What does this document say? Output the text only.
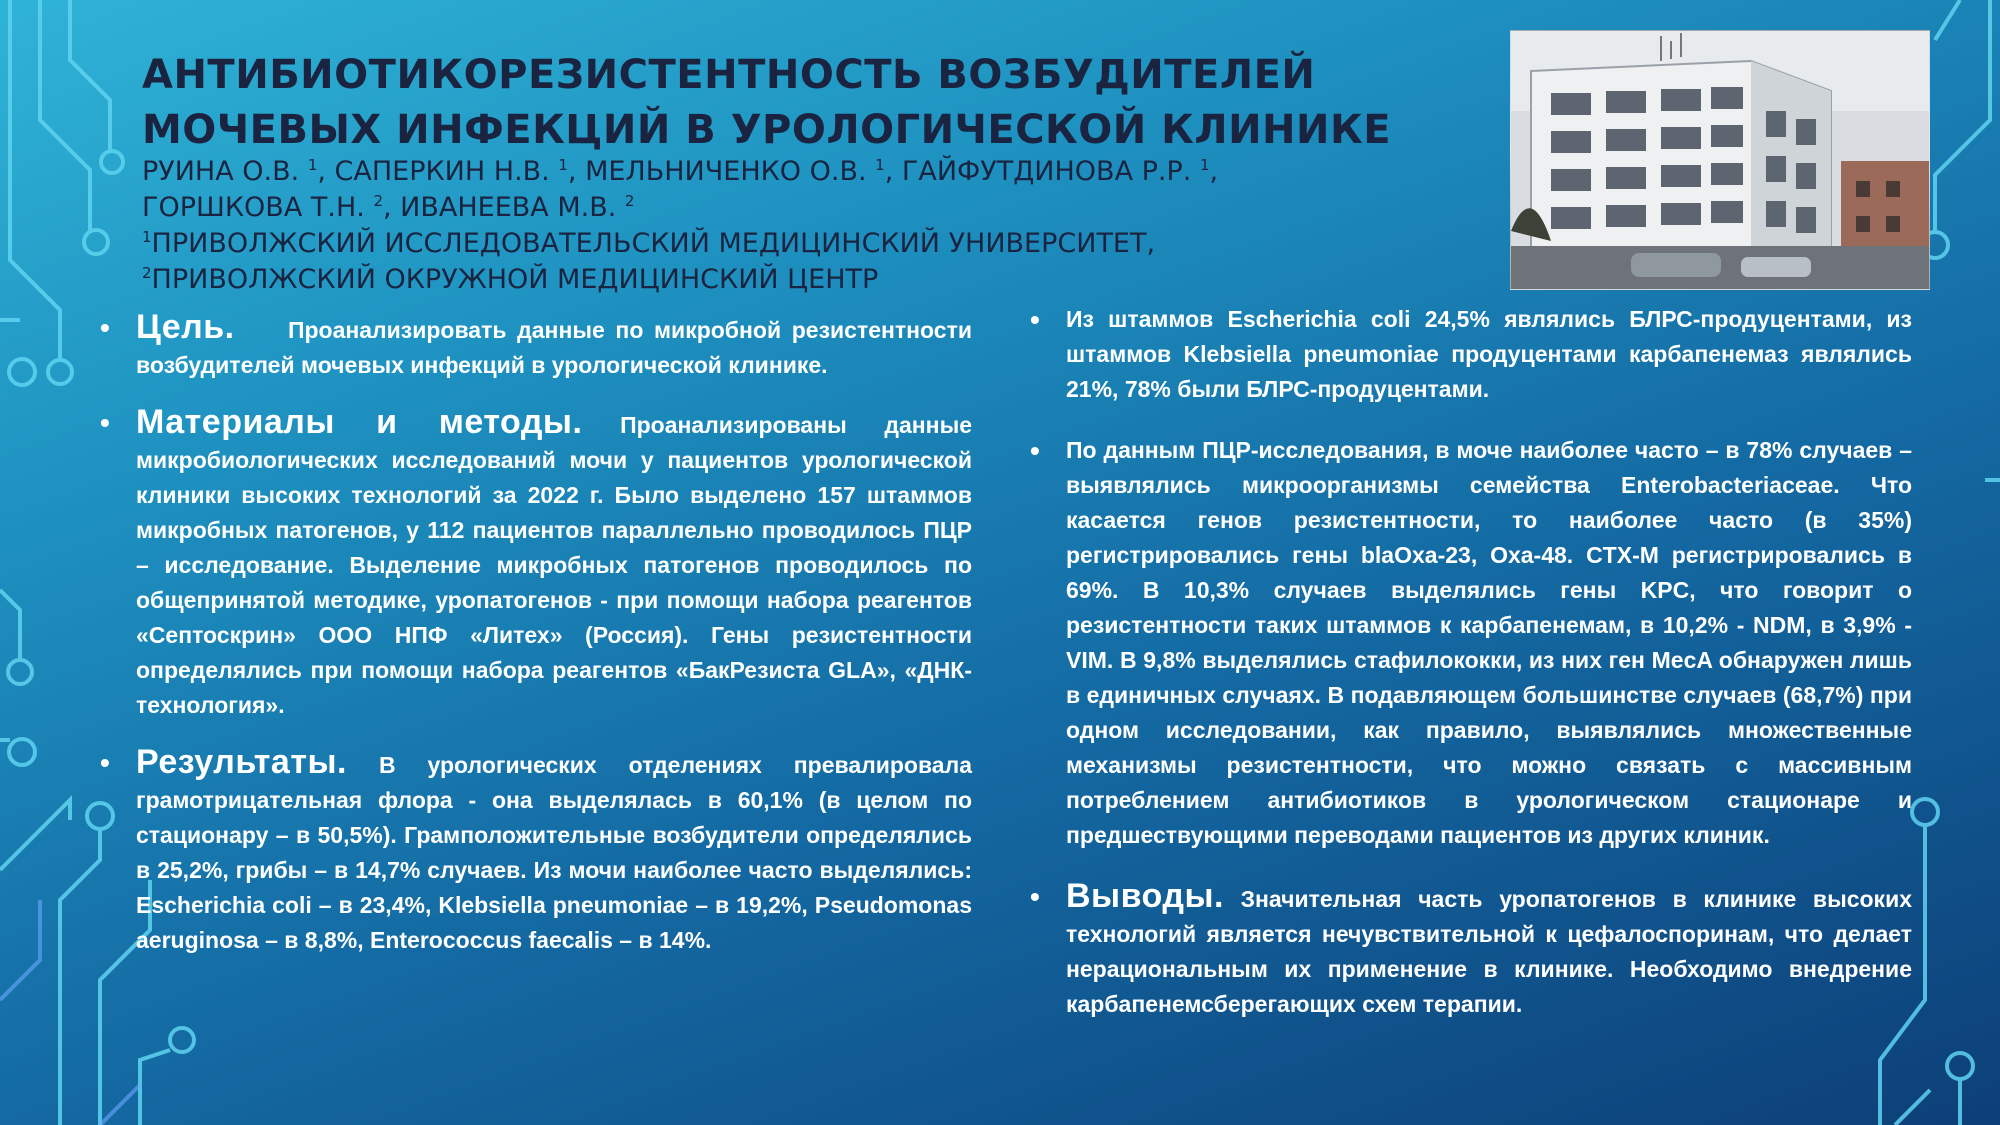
АНТИБИОТИКОРЕЗИСТЕНТНОСТЬ ВОЗБУДИТЕЛЕЙ МОЧЕВЫХ ИНФЕКЦИЙ В УРОЛОГИЧЕСКОЙ КЛИНИКЕ
РУИНА О.В. $^1$, САПЕРКИН Н.В. $^1$, МЕЛЬНИЧЕНКО О.В. $^1$, ГАЙФУТДИНОВА Р.Р. $^1$,
ГОРШКОВА Т.Н. $^2$, ИВАНЕЕВА М.В. $^2$
$^1$ПРИВОЛЖСКИЙ ИССЛЕДОВАТЕЛЬСКИЙ МЕДИЦИНСКИЙ УНИВЕРСИТЕТ,
$^2$ПРИВОЛЖСКИЙ ОКРУЖНОЙ МЕДИЦИНСКИЙ ЦЕНТР
• Цель. Проанализировать данные по микробной резистентности возбудителей мочевых инфекций в урологической клинике.
• Материалы и методы. Проанализированы данные микробиологических исследований мочи у пациентов урологической клиники высоких технологий за 2022 г. Было выделено 157 штаммов микробных патогенов, у 112 пациентов параллельно проводилось ПЦР – исследование. Выделение микробных патогенов проводилось по общепринятой методике, уропатогенов - при помощи набора реагентов «Септоскрин» ООО НПФ «Литех» (Россия). Гены резистентности определялись при помощи набора реагентов «БакРезиста GLA», «ДНК-технология».
• Результаты. В урологических отделениях превалировала грамотрицательная флора - она выделялась в 60,1% (в целом по стационару – в 50,5%). Грамположительные возбудители определялись в 25,2%, грибы – в 14,7% случаев. Из мочи наиболее часто выделялись: Escherichia coli – в 23,4%, Klebsiella pneumoniae – в 19,2%, Pseudomonas aeruginosa – в 8,8%, Enterococcus faecalis – в 14%.
• Из штаммов Escherichia coli 24,5% являлись БЛРС-продуцентами, из штаммов Klebsiella pneumoniae продуцентами карбапенемаз являлись 21%, 78% были БЛРС-продуцентами.
• По данным ПЦР-исследования, в моче наиболее часто – в 78% случаев – выявлялись микроорганизмы семейства Enterobacteriaceae. Что касается генов резистентности, то наиболее часто (в 35%) регистрировались гены blaOxa-23, Oxa-48. CTX-M регистрировались в 69%. В 10,3% случаев выделялись гены KPC, что говорит о резистентности таких штаммов к карбапенемам, в 10,2% - NDM, в 3,9% - VIM. В 9,8% выделялись стафилококки, из них ген MecA обнаружен лишь в единичных случаях. В подавляющем большинстве случаев (68,7%) при одном исследовании, как правило, выявлялись множественные механизмы резистентности, что можно связать с массивным потреблением антибиотиков в урологическом стационаре и предшествующими переводами пациентов из других клиник.
• Выводы. Значительная часть уропатогенов в клинике высоких технологий является нечувствительной к цефалоспоринам, что делает нерациональным их применение в клинике. Необходимо внедрение карбапенемсберегающих схем терапии.
